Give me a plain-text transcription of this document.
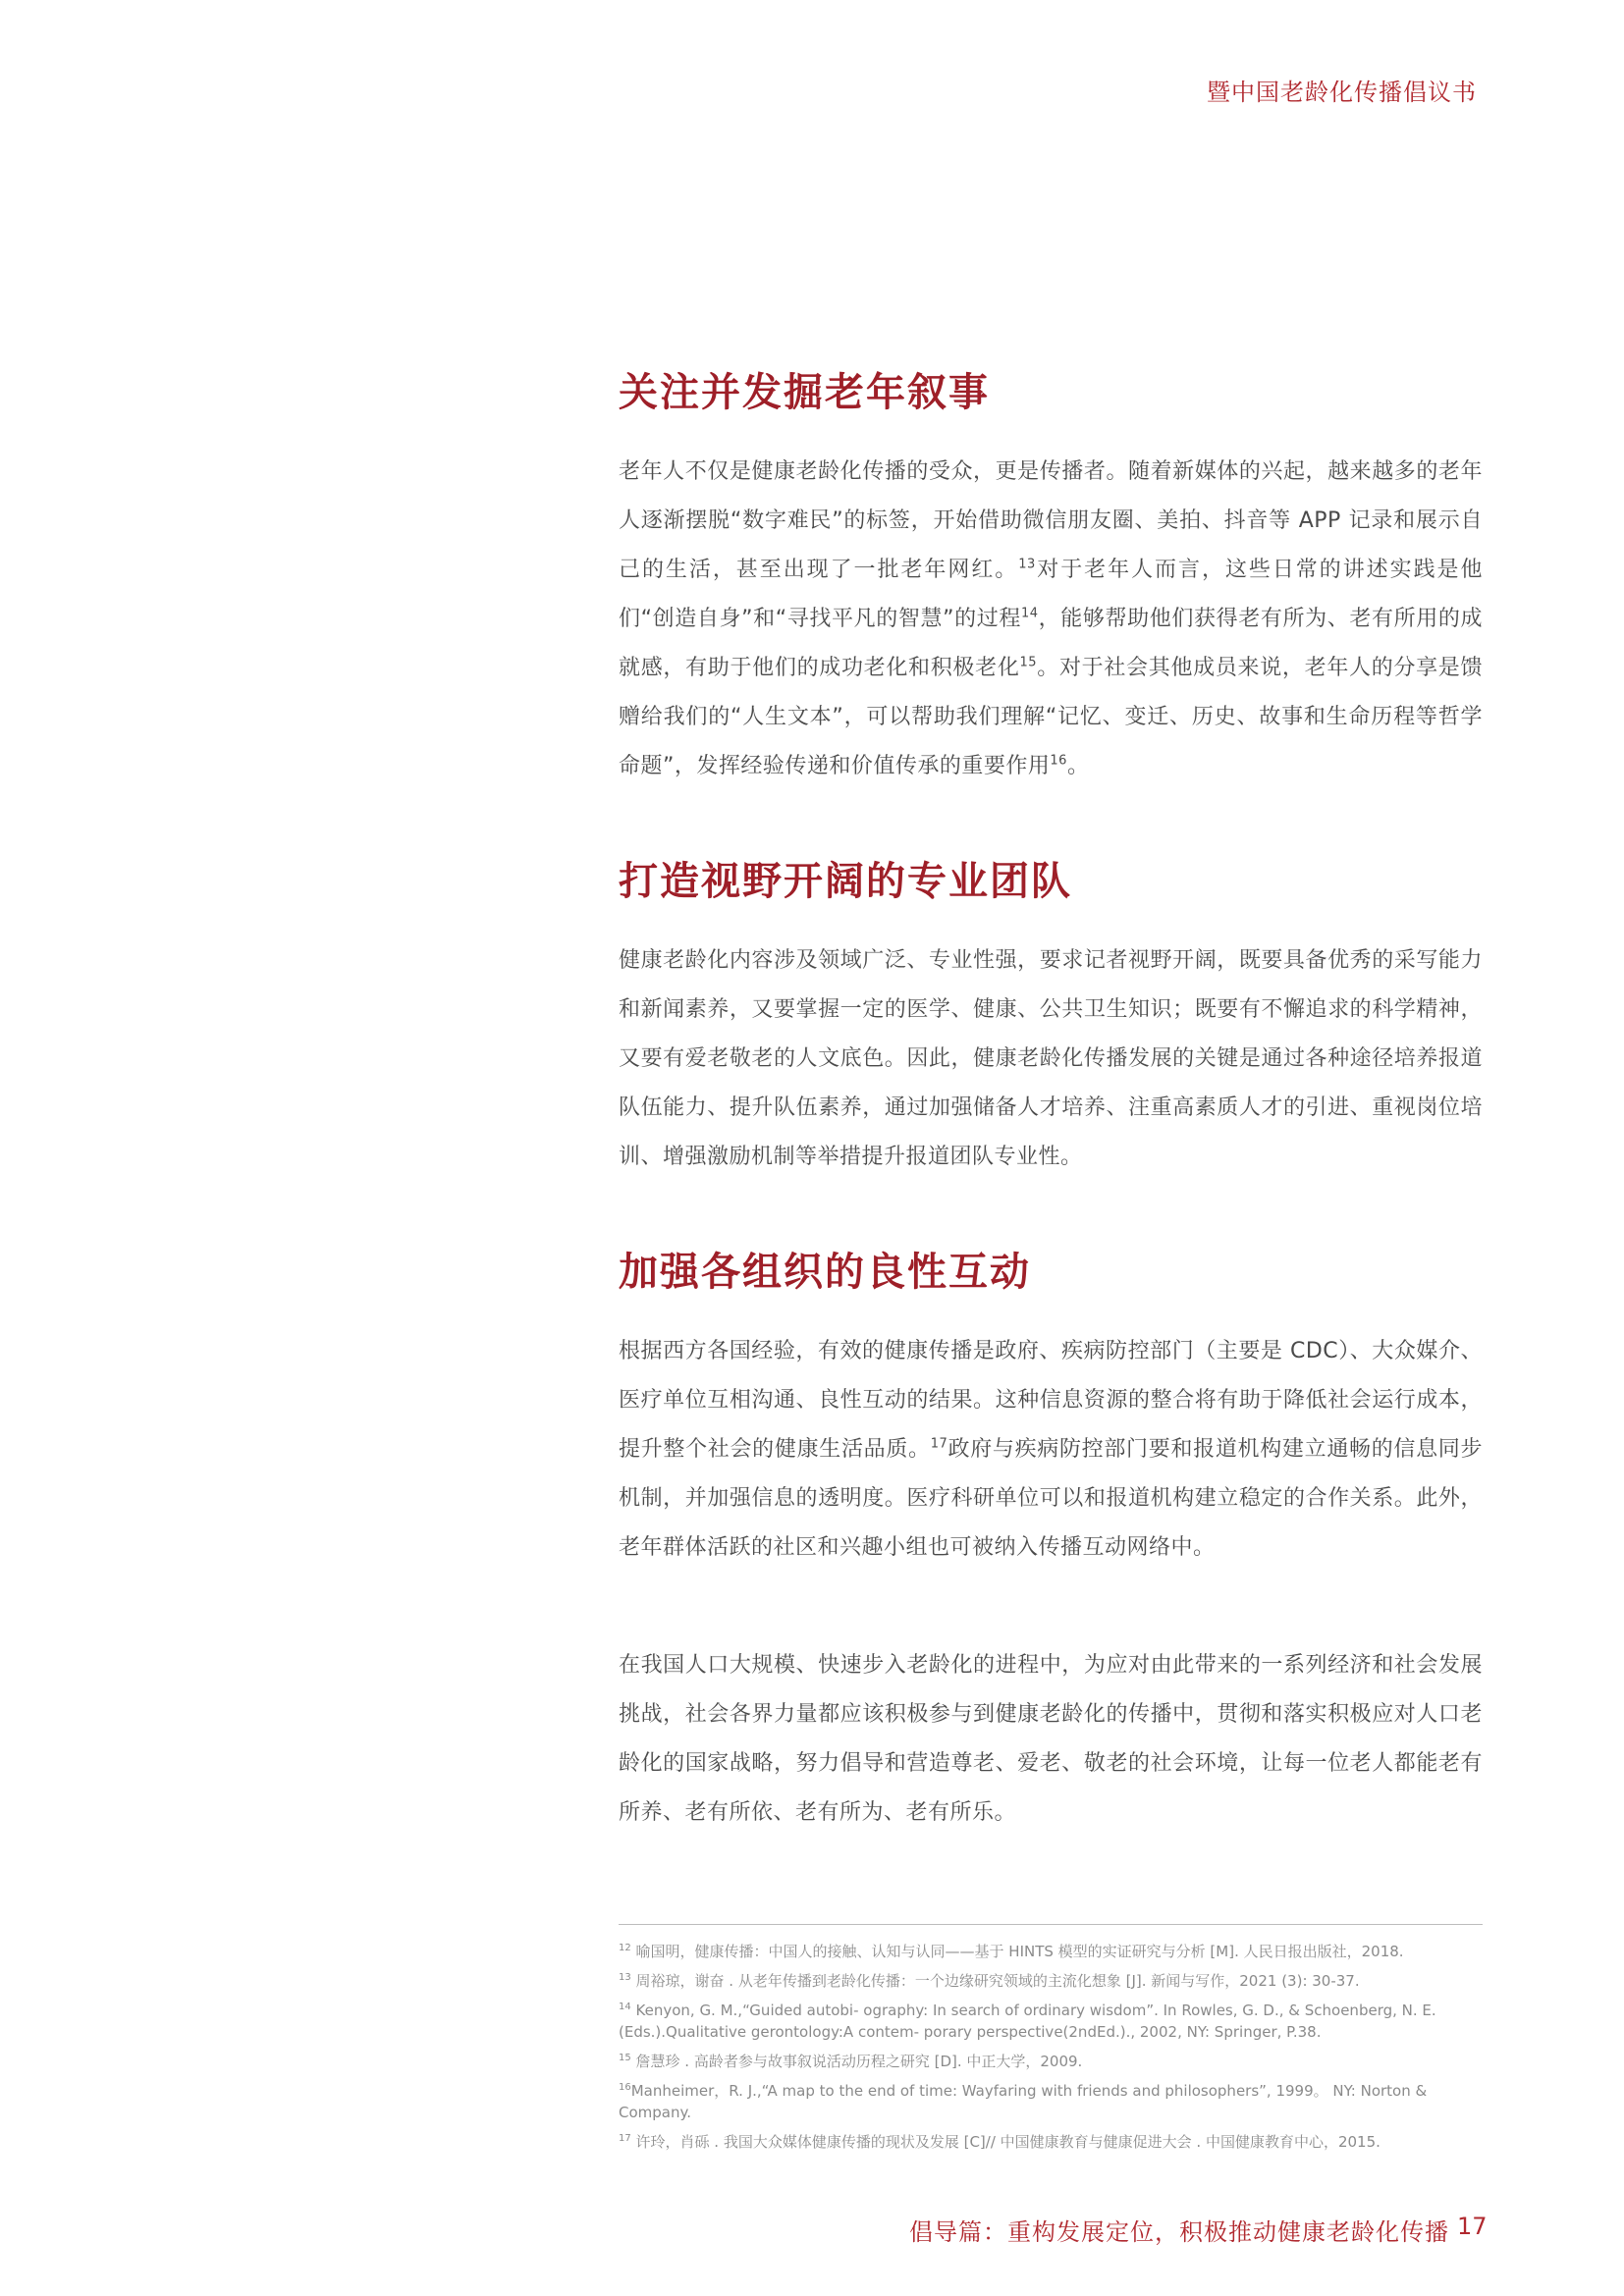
暨中国老龄化传播倡议书
关注并发掘老年叙事

老年人不仅是健康老龄化传播的受众，更是传播者。随着新媒体的兴起，越来越多的老年人逐渐摆脱“数字难民”的标签，开始借助微信朋友圈、美拍、抖音等 APP 记录和展示自己的生活，甚至出现了一批老年网红。$^{13}$对于老年人而言，这些日常的讲述实践是他们“创造自身”和“寻找平凡的智慧”的过程$^{14}$，能够帮助他们获得老有所为、老有所用的成就感，有助于他们的成功老化和积极老化$^{15}$。对于社会其他成员来说，老年人的分享是馈赠给我们的“人生文本”，可以帮助我们理解“记忆、变迁、历史、故事和生命历程等哲学命题”，发挥经验传递和价值传承的重要作用$^{16}$。

打造视野开阔的专业团队

健康老龄化内容涉及领域广泛、专业性强，要求记者视野开阔，既要具备优秀的采写能力和新闻素养，又要掌握一定的医学、健康、公共卫生知识；既要有不懈追求的科学精神，又要有爱老敬老的人文底色。因此，健康老龄化传播发展的关键是通过各种途径培养报道队伍能力、提升队伍素养，通过加强储备人才培养、注重高素质人才的引进、重视岗位培训、增强激励机制等举措提升报道团队专业性。

加强各组织的良性互动

根据西方各国经验，有效的健康传播是政府、疾病防控部门（主要是 CDC）、大众媒介、医疗单位互相沟通、良性互动的结果。这种信息资源的整合将有助于降低社会运行成本，提升整个社会的健康生活品质。$^{17}$政府与疾病防控部门要和报道机构建立通畅的信息同步机制，并加强信息的透明度。医疗科研单位可以和报道机构建立稳定的合作关系。此外，老年群体活跃的社区和兴趣小组也可被纳入传播互动网络中。

在我国人口大规模、快速步入老龄化的进程中，为应对由此带来的一系列经济和社会发展挑战，社会各界力量都应该积极参与到健康老龄化的传播中，贯彻和落实积极应对人口老龄化的国家战略，努力倡导和营造尊老、爱老、敬老的社会环境，让每一位老人都能老有所养、老有所依、老有所为、老有所乐。

$^{12}$ 喻国明，健康传播：中国人的接触、认知与认同——基于 HINTS 模型的实证研究与分析 [M]. 人民日报出版社，2018.
$^{13}$ 周裕琼，谢奋 . 从老年传播到老龄化传播：一个边缘研究领域的主流化想象 [J]. 新闻与写作，2021 (3): 30-37.
$^{14}$ Kenyon, G. M.,“Guided autobi- ography: In search of ordinary wisdom”. In Rowles, G. D., & Schoenberg, N. E.(Eds.).Qualitative gerontology:A contem- porary perspective(2ndEd.)., 2002, NY: Springer, P.38.
$^{15}$ 詹慧珍 . 高龄者参与故事叙说活动历程之研究 [D]. 中正大学，2009.
$^{16}$Manheimer，R. J.,“A map to the end of time: Wayfaring with friends and philosophers”, 1999。 NY: Norton & Company.
$^{17}$ 许玲，肖砾 . 我国大众媒体健康传播的现状及发展 [C]// 中国健康教育与健康促进大会 . 中国健康教育中心，2015.
倡导篇：重构发展定位，积极推动健康老龄化传播 17
